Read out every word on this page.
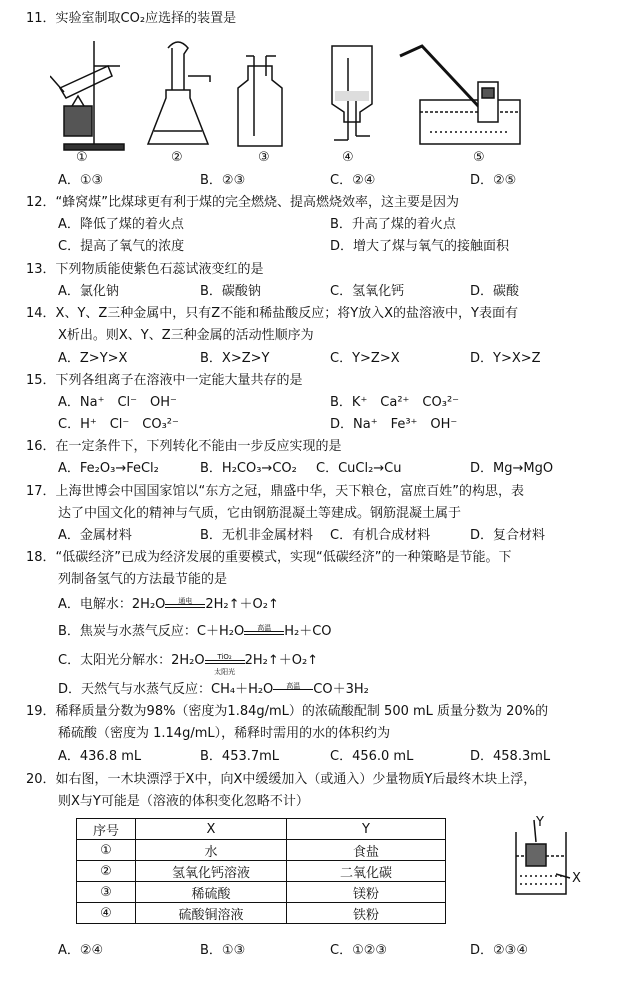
11．实验室制取CO₂应选择的装置是
①	②	③	④	⑤
A．①③	B．②③	C．②④	D．②⑤
12．“蜂窝煤”比煤球更有利于煤的完全燃烧、提高燃烧效率，这主要是因为
A．降低了煤的着火点	B．升高了煤的着火点
C．提高了氧气的浓度	D．增大了煤与氧气的接触面积
13．下列物质能使紫色石蕊试液变红的是
A．氯化钠	B．碳酸钠	C．氢氧化钙	D．碳酸
14．X、Y、Z三种金属中，只有Z不能和稀盐酸反应；将Y放入X的盐溶液中，Y表面有
X析出。则X、Y、Z三种金属的活动性顺序为
A．Z>Y>X	B．X>Z>Y	C．Y>Z>X	D．Y>X>Z
15．下列各组离子在溶液中一定能大量共存的是
A．Na⁺　Cl⁻　OH⁻	B．K⁺　Ca²⁺　CO₃²⁻
C．H⁺　Cl⁻　CO₃²⁻	D．Na⁺　Fe³⁺　OH⁻
16．在一定条件下，下列转化不能由一步反应实现的是
A．Fe₂O₃→FeCl₂	B．H₂CO₃→CO₂ C．CuCl₂→Cu	D．Mg→MgO
17．上海世博会中国国家馆以“东方之冠，鼎盛中华，天下粮仓，富庶百姓”的构思，表
达了中国文化的精神与气质，它由钢筋混凝土等建成。钢筋混凝土属于
A．金属材料	B．无机非金属材料 C．有机合成材料	D．复合材料
18．“低碳经济”已成为经济发展的重要模式，实现“低碳经济”的一种策略是节能。下
列制备氢气的方法最节能的是
A．电解水：2H₂O	通电	2H₂↑＋O₂↑
B．焦炭与水蒸气反应：C＋H₂O	高温	H₂＋CO
C．太阳光分解水：2H₂O	TiO₂
太阳光
2H₂↑＋O₂↑
D．天然气与水蒸气反应：CH₄＋H₂O	高温	CO＋3H₂
19．稀释质量分数为98%（密度为1.84g/mL）的浓硫酸配制 500 mL 质量分数为 20%的
稀硫酸（密度为 1.14g/mL），稀释时需用的水的体积约为
A．436.8 mL	B．453.7mL	C．456.0 mL	D．458.3mL
20．如右图，一木块漂浮于X中，向X中缓缓加入（或通入）少量物质Y后最终木块上浮，
则X与Y可能是（溶液的体积变化忽略不计）
序号	X	Y
①	水	食盐
②	氢氧化钙溶液	二氧化碳
③	稀硫酸	镁粉
④	硫酸铜溶液	铁粉
Y
X
A．②④	B．①③	C．①②③	D．②③④
